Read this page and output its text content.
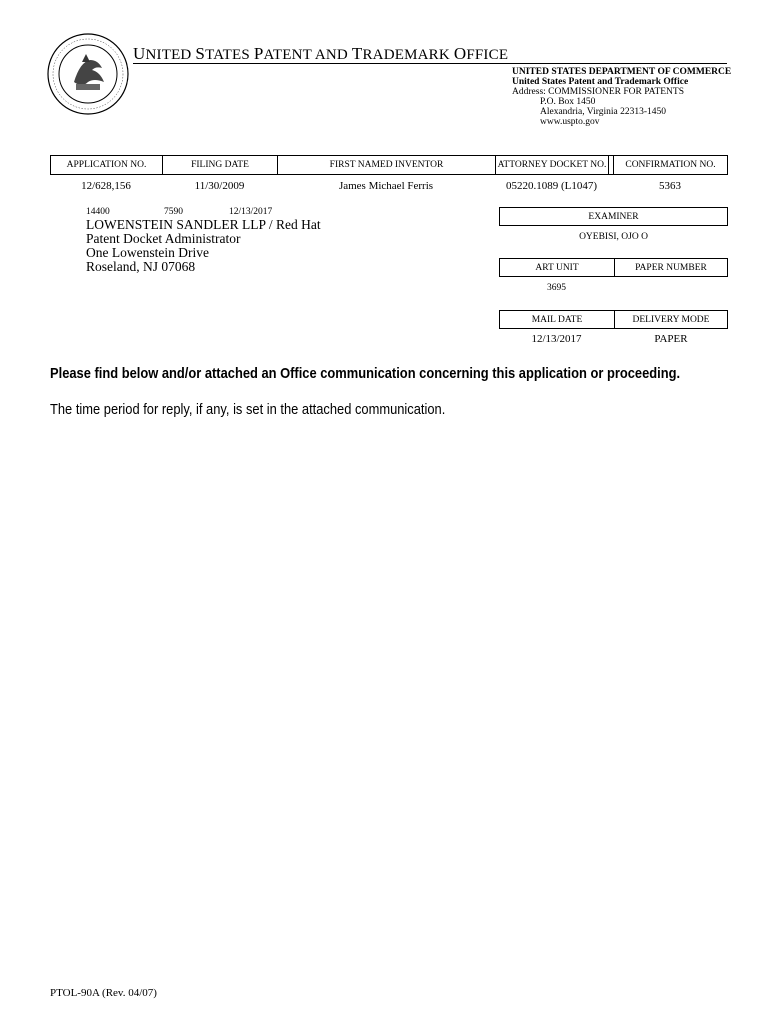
UNITED STATES PATENT AND TRADEMARK OFFICE
UNITED STATES DEPARTMENT OF COMMERCE
United States Patent and Trademark Office
Address: COMMISSIONER FOR PATENTS
P.O. Box 1450
Alexandria, Virginia 22313-1450
www.uspto.gov
APPLICATION NO.	FILING DATE	FIRST NAMED INVENTOR	ATTORNEY DOCKET NO.	CONFIRMATION NO.
12/628,156	11/30/2009	James Michael Ferris	05220.1089 (L1047)	5363
14400	7590	12/13/2017
LOWENSTEIN SANDLER LLP / Red Hat
Patent Docket Administrator
One Lowenstein Drive
Roseland, NJ 07068
EXAMINER
OYEBISI, OJO O
ART UNIT	PAPER NUMBER
3695
MAIL DATE	DELIVERY MODE
12/13/2017	PAPER
Please find below and/or attached an Office communication concerning this application or proceeding.
The time period for reply, if any, is set in the attached communication.
PTOL-90A (Rev. 04/07)
